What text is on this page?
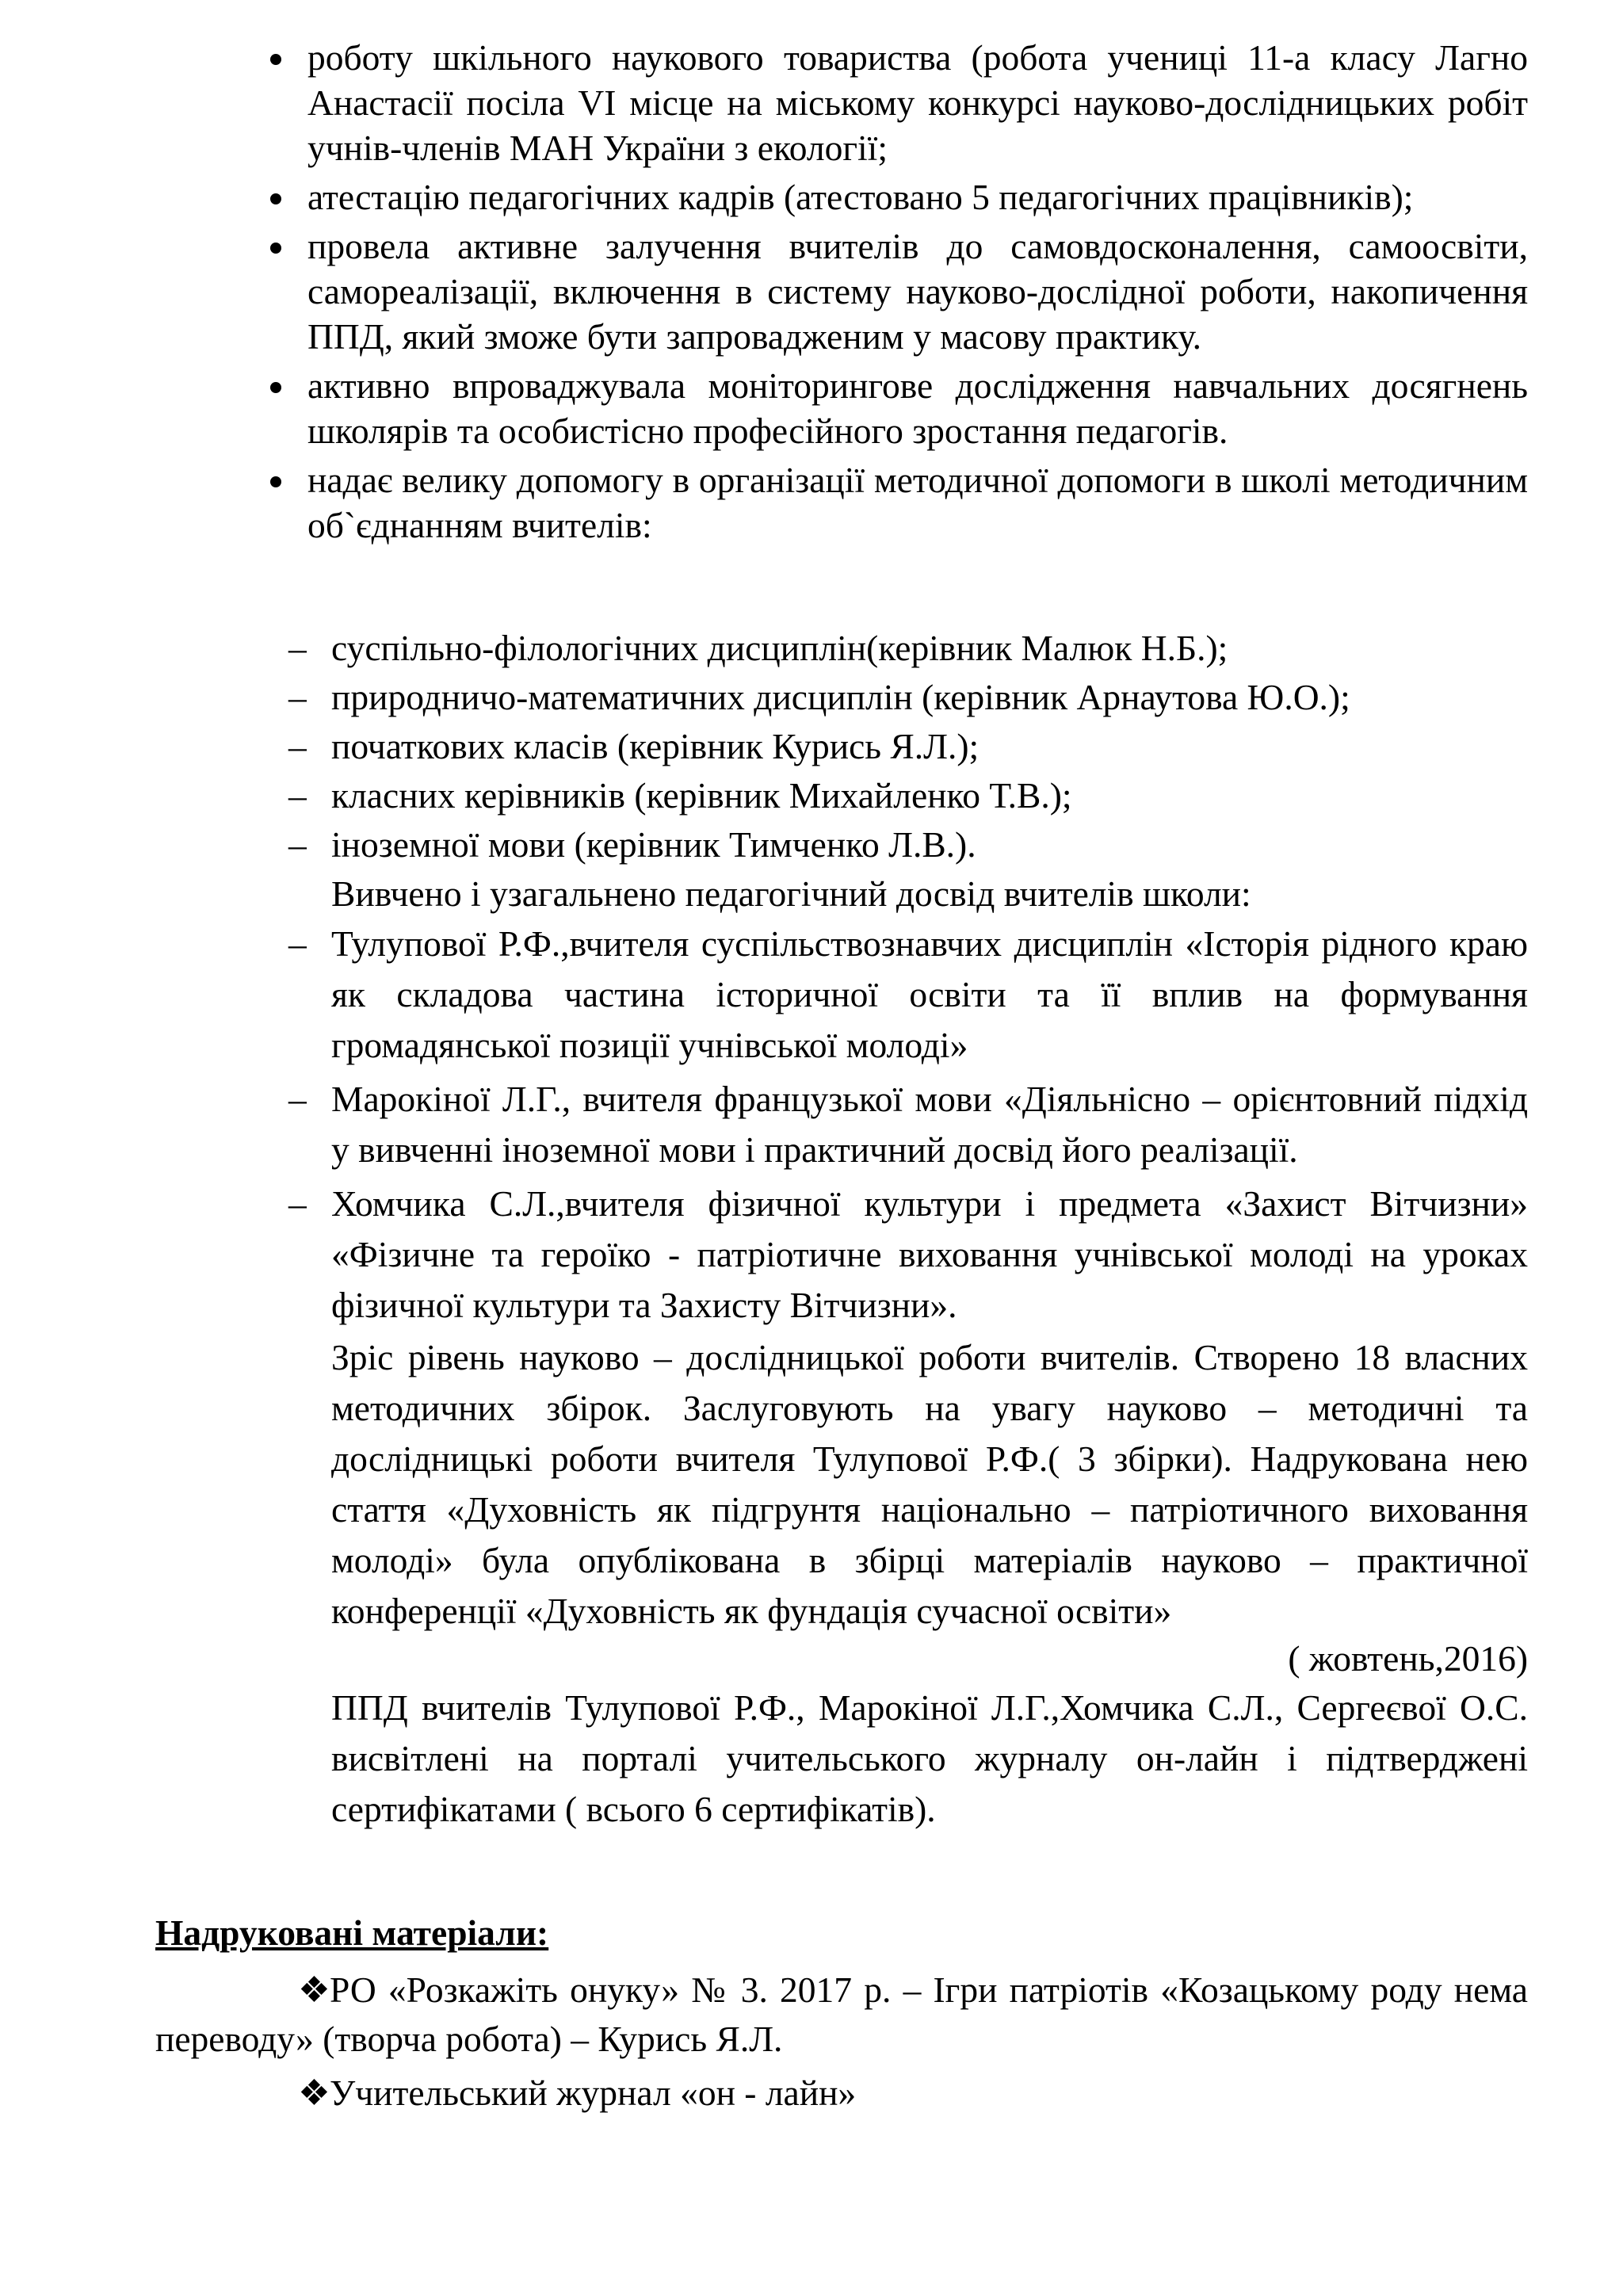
роботу шкільного наукового товариства (робота учениці 11-а класу Лагно Анастасії посіла VI місце на міському конкурсі науково-дослідницьких робіт учнів-членів МАН України з екології;

атестацію педагогічних кадрів (атестовано 5 педагогічних працівників);

провела активне залучення вчителів до самовдосконалення, самоосвіти, самореалізації, включення в систему науково-дослідної роботи, накопичення ППД, який зможе бути запровадженим у масову практику.

активно впроваджувала моніторингове дослідження навчальних досягнень школярів та особистісно професійного зростання педагогів.

надає велику допомогу в організації методичної допомоги в школі методичним об`єднанням вчителів:

– суспільно-філологічних дисциплін(керівник Малюк Н.Б.);

– природничо-математичних дисциплін (керівник Арнаутова Ю.О.);

– початкових класів (керівник Курись Я.Л.);

– класних керівників (керівник Михайленко Т.В.);

– іноземної мови (керівник Тимченко Л.В.).

Вивчено і узагальнено педагогічний досвід вчителів школи:

– Тулупової Р.Ф.,вчителя суспільствознавчих дисциплін «Історія рідного краю як складова частина історичної освіти та її вплив на формування громадянської позиції учнівської молоді»

– Марокіної Л.Г., вчителя французької мови «Діяльнісно – орієнтовний підхід у вивченні іноземної мови і практичний досвід його реалізації.

– Хомчика С.Л.,вчителя фізичної культури і предмета «Захист Вітчизни» «Фізичне та героїко - патріотичне виховання учнівської молоді на уроках фізичної культури та Захисту Вітчизни».

Зріс рівень науково – дослідницької роботи вчителів. Створено 18 власних методичних збірок. Заслуговують на увагу науково – методичні та дослідницькі роботи вчителя Тулупової Р.Ф.( 3 збірки). Надрукована нею стаття «Духовність як підгрунтя національно – патріотичного виховання молоді» була опублікована в збірці матеріалів науково – практичної конференції «Духовність як фундація сучасної освіти»

( жовтень,2016)

ППД вчителів Тулупової Р.Ф., Марокіної Л.Г.,Хомчика С.Л., Сергеєвої О.С. висвітлені на порталі учительського журналу он-лайн і підтверджені сертифікатами ( всього 6 сертифікатів).

Надруковані матеріали:

❖РО «Розкажіть онуку» № 3. 2017 р. – Ігри патріотів «Козацькому роду нема переводу» (творча робота) – Курись Я.Л.

❖Учительський журнал «он - лайн»
